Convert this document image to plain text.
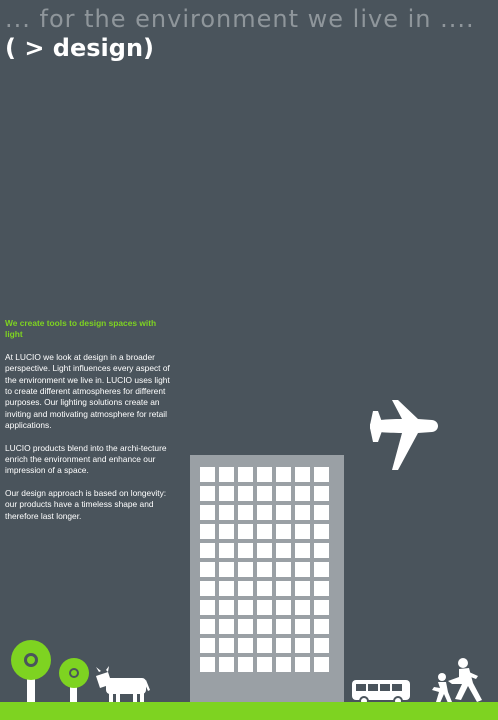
... for the environment we live in ....
( > design)

We create tools to design spaces with light

At LUCIO we look at design in a broader perspective. Light influences every aspect of the environment we live in. LUCIO uses light to create different atmospheres for different purposes. Our lighting solutions create an inviting and motivating atmosphere for retail applications.

LUCIO products blend into the archi-tecture enrich the environment and enhance our impression of a space.

Our design approach is based on longevity: our products have a timeless shape and therefore last longer.
